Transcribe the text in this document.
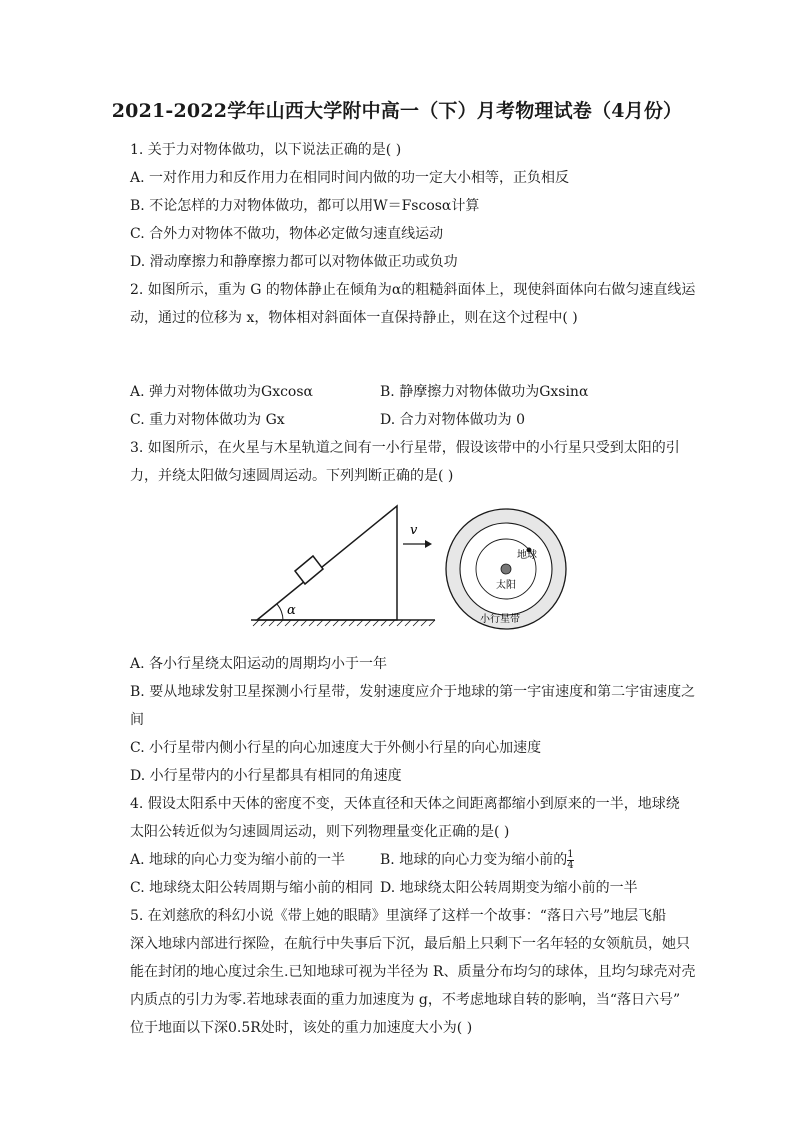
2021-2022学年山西大学附中高一（下）月考物理试卷（4月份）
1. 关于力对物体做功，以下说法正确的是( )
A. 一对作用力和反作用力在相同时间内做的功一定大小相等，正负相反
B. 不论怎样的力对物体做功，都可以用W＝Fscosα计算
C. 合外力对物体不做功，物体必定做匀速直线运动
D. 滑动摩擦力和静摩擦力都可以对物体做正功或负功
2. 如图所示，重为 G 的物体静止在倾角为α的粗糙斜面体上，现使斜面体向右做匀速直线运
动，通过的位移为 x，物体相对斜面体一直保持静止，则在这个过程中( )
A. 弹力对物体做功为Gxcosα	B. 静摩擦力对物体做功为Gxsinα
C. 重力对物体做功为 Gx	D. 合力对物体做功为 0
3. 如图所示，在火星与木星轨道之间有一小行星带，假设该带中的小行星只受到太阳的引
力，并绕太阳做匀速圆周运动。下列判断正确的是( )
α
v
地球
太阳
小行星带
A. 各小行星绕太阳运动的周期均小于一年
B. 要从地球发射卫星探测小行星带，发射速度应介于地球的第一宇宙速度和第二宇宙速度之
间
C. 小行星带内侧小行星的向心加速度大于外侧小行星的向心加速度
D. 小行星带内的小行星都具有相同的角速度
4. 假设太阳系中天体的密度不变，天体直径和天体之间距离都缩小到原来的一半，地球绕
太阳公转近似为匀速圆周运动，则下列物理量变化正确的是( )
A. 地球的向心力变为缩小前的一半	B. 地球的向心力变为缩小前的 $\frac{1}{4}$
C. 地球绕太阳公转周期与缩小前的相同 D. 地球绕太阳公转周期变为缩小前的一半
5. 在刘慈欣的科幻小说《带上她的眼睛》里演绎了这样一个故事：“落日六号”地层飞船
深入地球内部进行探险，在航行中失事后下沉，最后船上只剩下一名年轻的女领航员，她只
能在封闭的地心度过余生.已知地球可视为半径为 R、质量分布均匀的球体，且均匀球壳对壳
内质点的引力为零.若地球表面的重力加速度为 g，不考虑地球自转的影响，当“落日六号”
位于地面以下深0.5R处时，该处的重力加速度大小为( )
